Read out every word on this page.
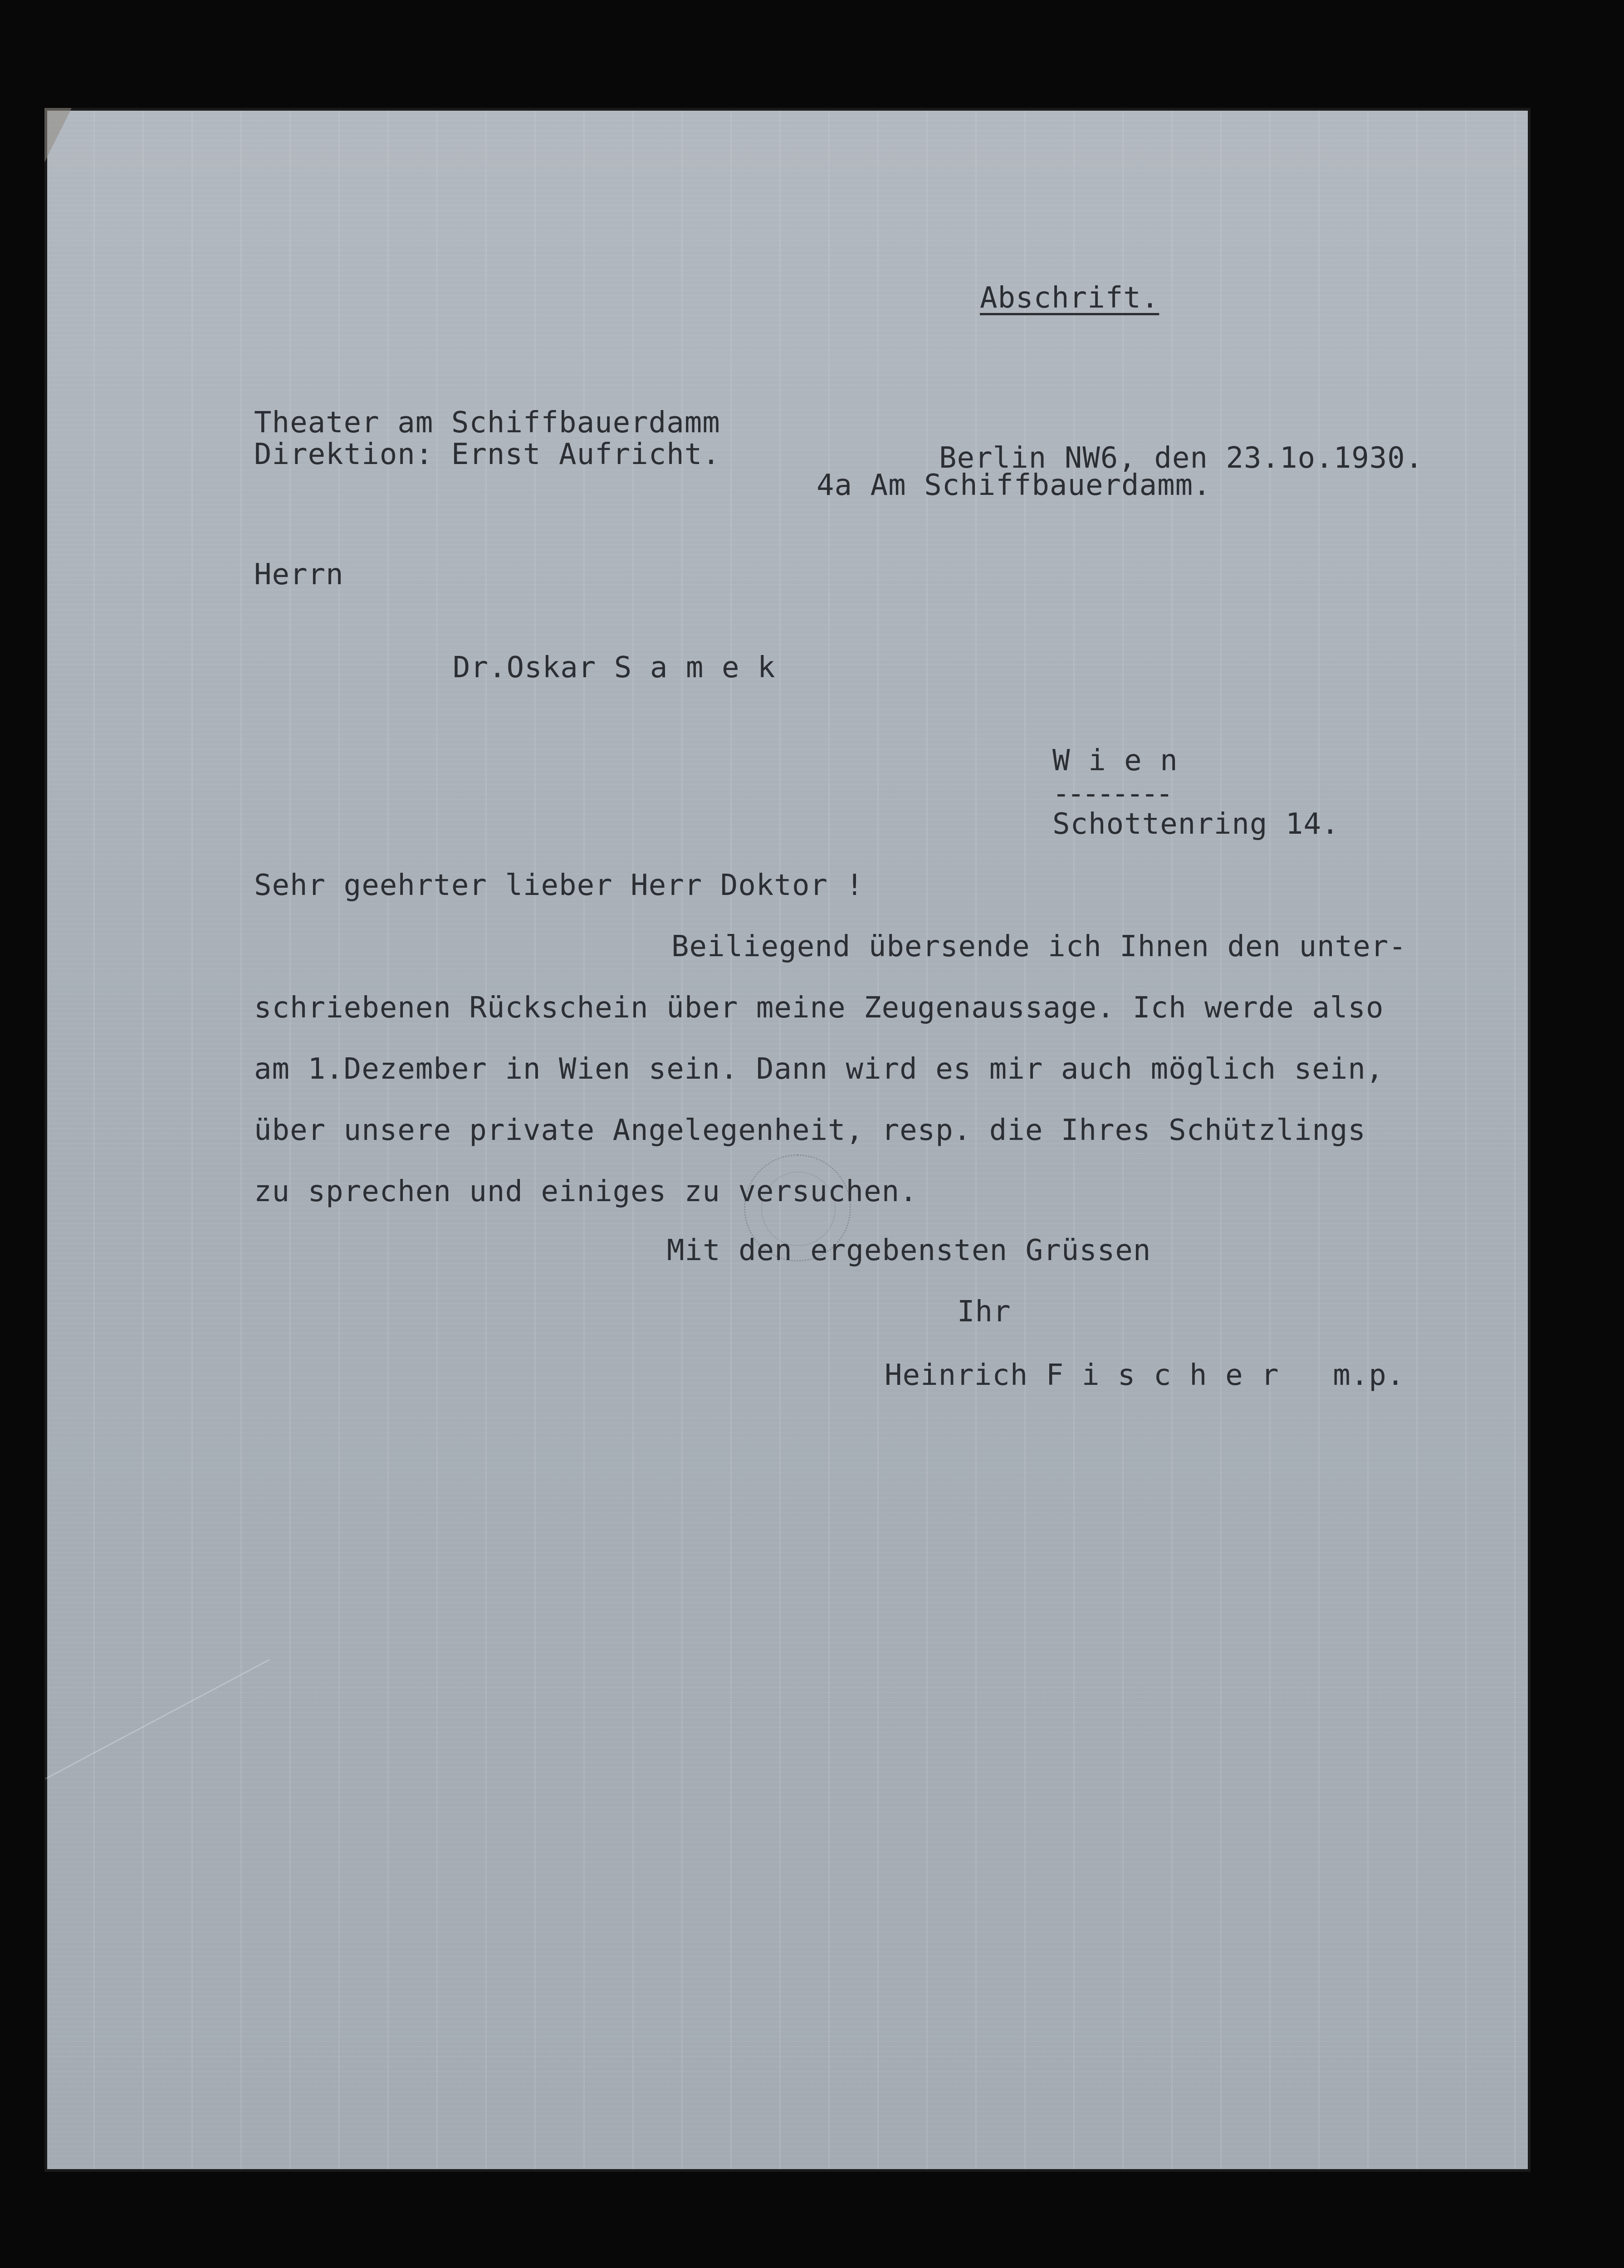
Abschrift.
Theater am Schiffbauerdamm
Direktion: Ernst Aufricht.	Berlin NW6, den 23.1o.1930.
4a Am Schiffbauerdamm.
Herrn
Dr.Oskar S a m e k
W i e n
--------
Schottenring 14.
Sehr geehrter lieber Herr Doktor !
Beiliegend übersende ich Ihnen den unter-
schriebenen Rückschein über meine Zeugenaussage. Ich werde also
am 1.Dezember in Wien sein. Dann wird es mir auch möglich sein,
über unsere private Angelegenheit, resp. die Ihres Schützlings
zu sprechen und einiges zu versuchen.
Mit den ergebensten Grüssen
Ihr
Heinrich F i s c h e r   m.p.
